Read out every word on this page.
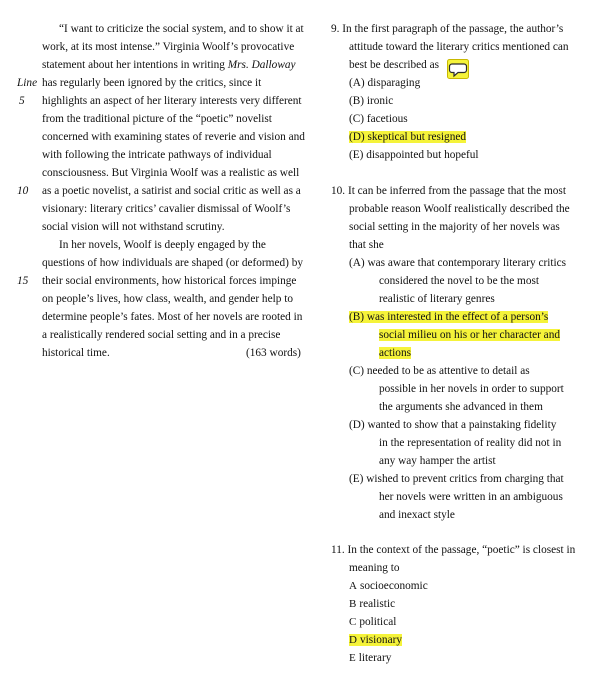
“I want to criticize the social system, and to show it at
work, at its most intense.” Virginia Woolf’s provocative
statement about her intentions in writing Mrs. Dalloway
Line has regularly been ignored by the critics, since it
5 highlights an aspect of her literary interests very different
from the traditional picture of the “poetic” novelist
concerned with examining states of reverie and vision and
with following the intricate pathways of individual
consciousness. But Virginia Woolf was a realistic as well
10 as a poetic novelist, a satirist and social critic as well as a
visionary: literary critics’ cavalier dismissal of Woolf’s
social vision will not withstand scrutiny.
In her novels, Woolf is deeply engaged by the
questions of how individuals are shaped (or deformed) by
15 their social environments, how historical forces impinge
on people’s lives, how class, wealth, and gender help to
determine people’s fates. Most of her novels are rooted in
a realistically rendered social setting and in a precise
historical time.	(163 words)
9. In the first paragraph of the passage, the author’s
attitude toward the literary critics mentioned can
best be described as
(A) disparaging
(B) ironic
(C) facetious
(D) skeptical but resigned
(E) disappointed but hopeful
10. It can be inferred from the passage that the most
probable reason Woolf realistically described the
social setting in the majority of her novels was
that she
(A) was aware that contemporary literary critics
considered the novel to be the most
realistic of literary genres
(B) was interested in the effect of a person’s
social milieu on his or her character and
actions
(C) needed to be as attentive to detail as
possible in her novels in order to support
the arguments she advanced in them
(D) wanted to show that a painstaking fidelity
in the representation of reality did not in
any way hamper the artist
(E) wished to prevent critics from charging that
her novels were written in an ambiguous
and inexact style
11. In the context of the passage, “poetic” is closest in
meaning to
A socioeconomic
B realistic
C political
D visionary
E literary
